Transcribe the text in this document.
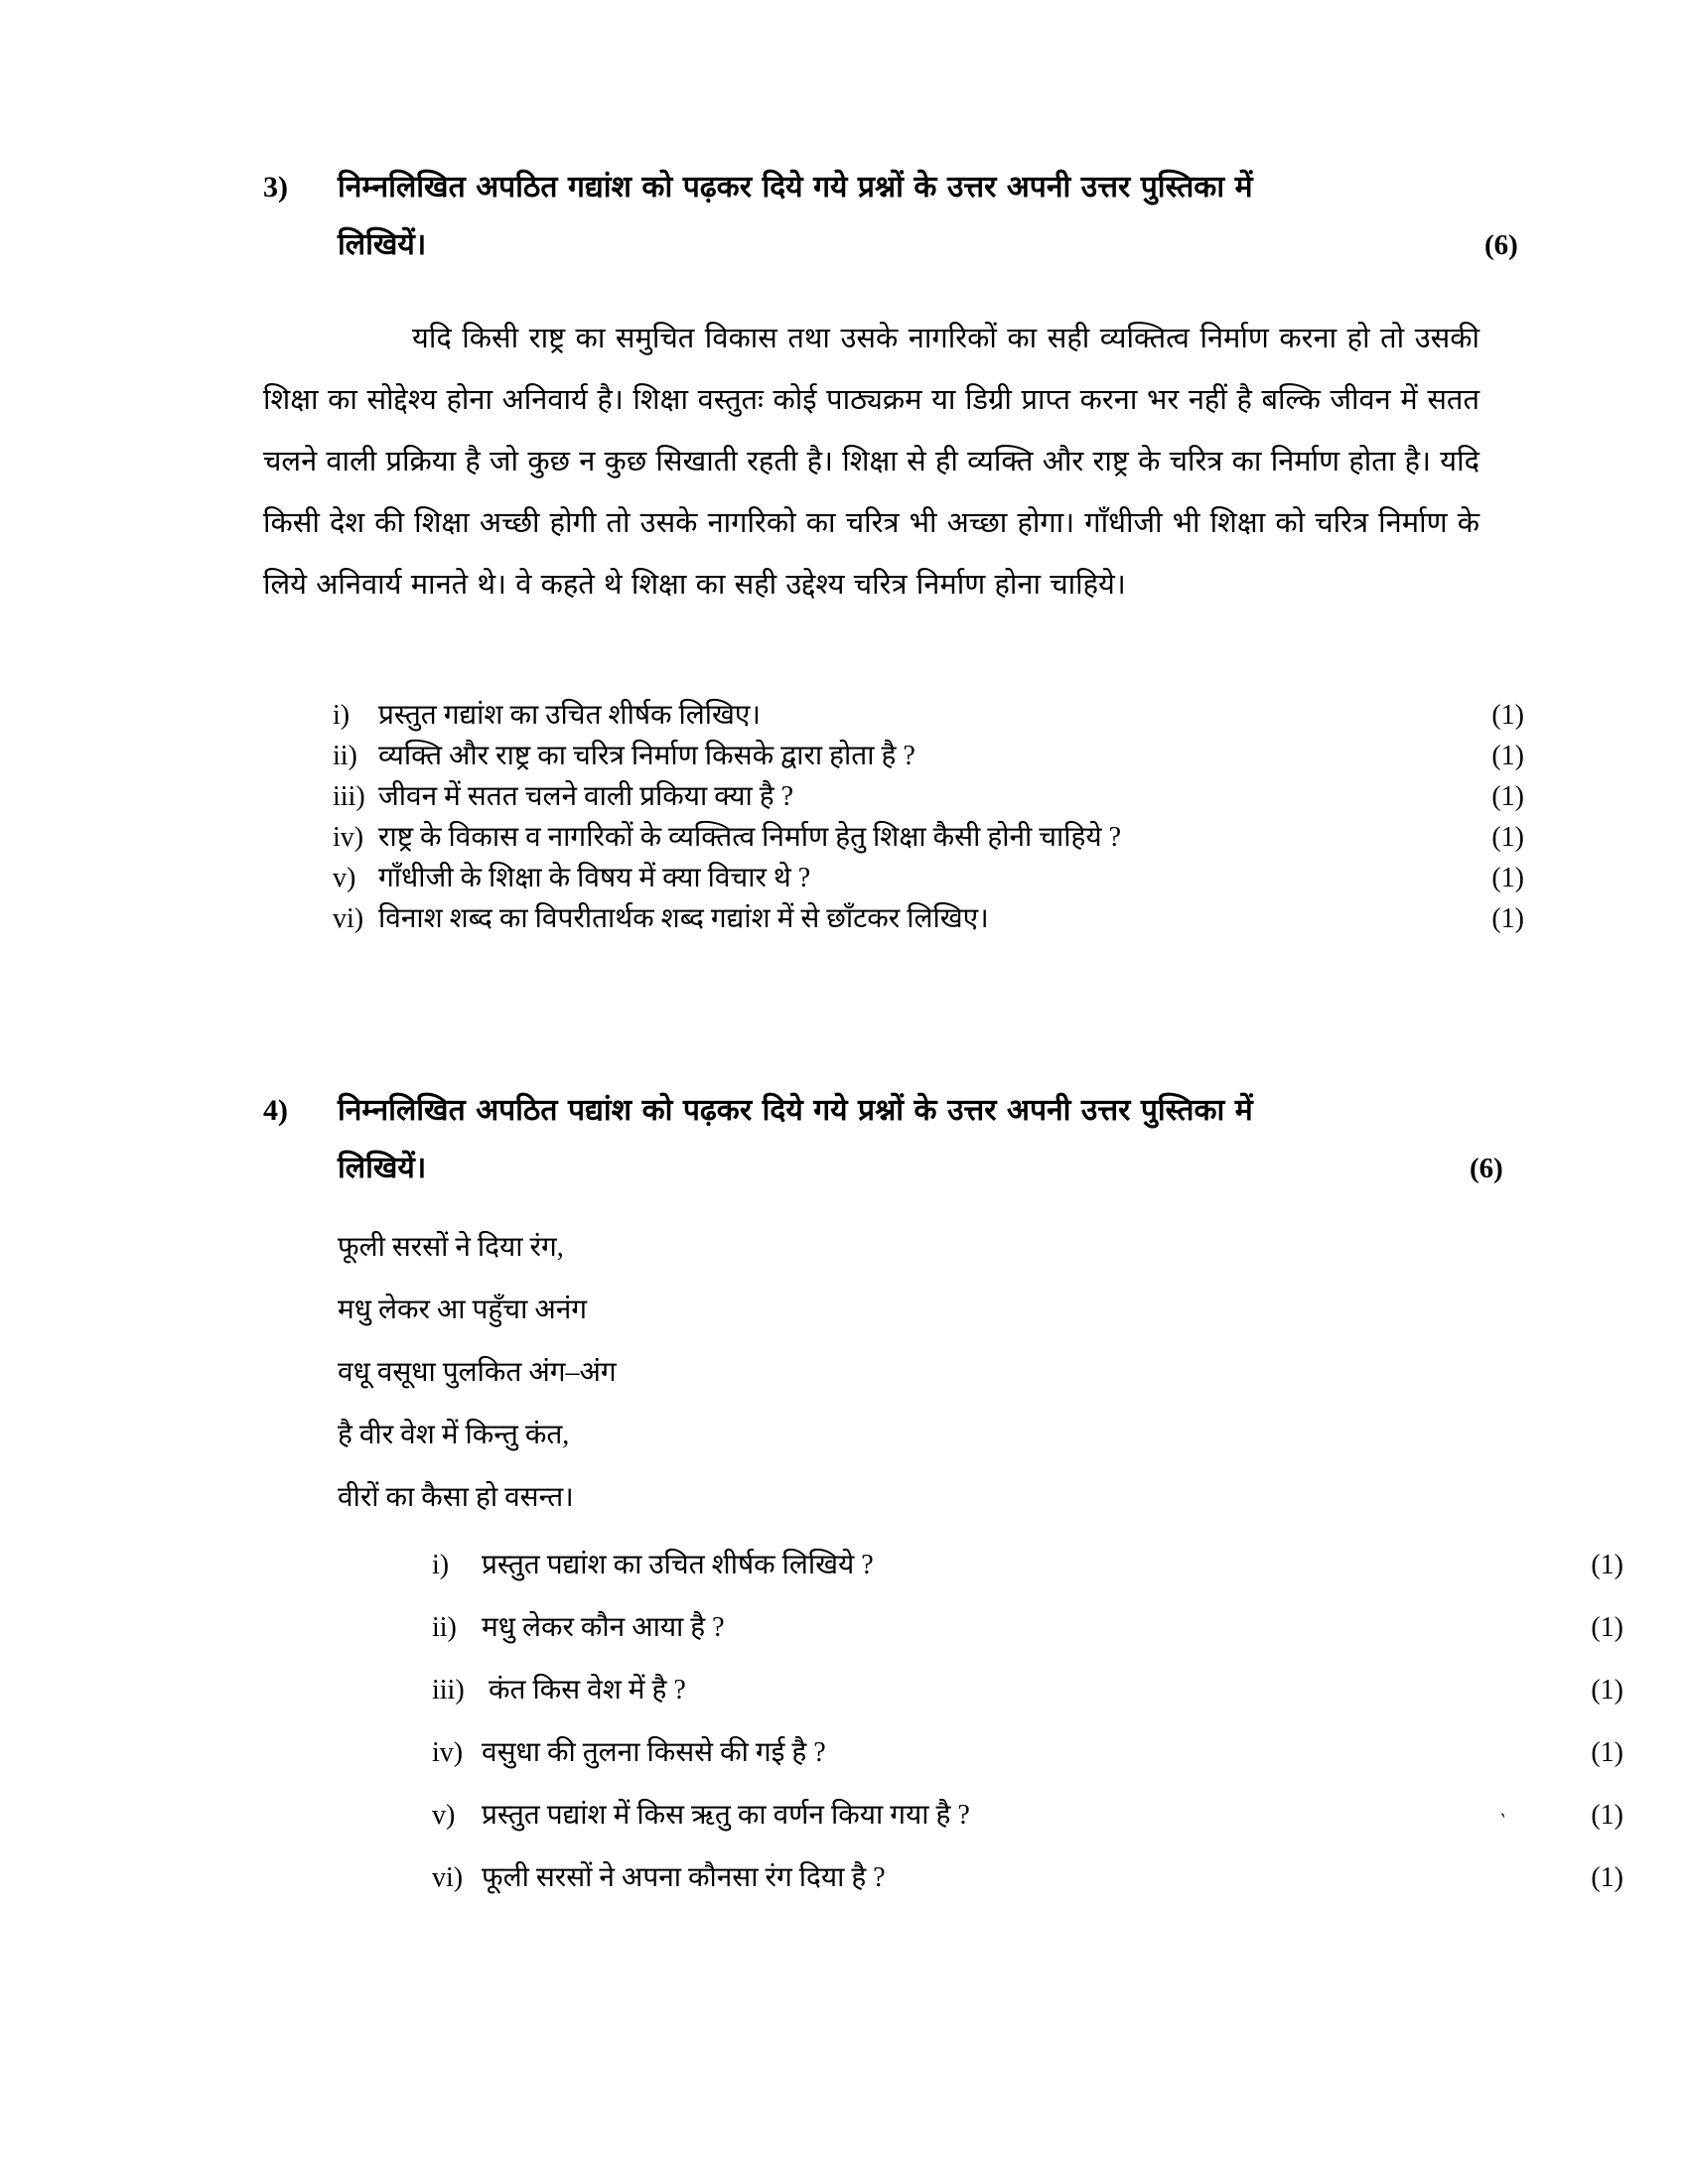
3) निम्नलिखित अपठित गद्यांश को पढ़कर दिये गये प्रश्नों के उत्तर अपनी उत्तर पुस्तिका में
लिखियें।	(6)
यदि किसी राष्ट्र का समुचित विकास तथा उसके नागरिकों का सही व्यक्तित्व निर्माण करना हो तो उसकी शिक्षा का सोद्देश्य होना अनिवार्य है। शिक्षा वस्तुतः कोई पाठ्यक्रम या डिग्री प्राप्त करना भर नहीं है बल्कि जीवन में सतत चलने वाली प्रक्रिया है जो कुछ न कुछ सिखाती रहती है। शिक्षा से ही व्यक्ति और राष्ट्र के चरित्र का निर्माण होता है। यदि किसी देश की शिक्षा अच्छी होगी तो उसके नागरिको का चरित्र भी अच्छा होगा। गाँधीजी भी शिक्षा को चरित्र निर्माण के लिये अनिवार्य मानते थे। वे कहते थे शिक्षा का सही उद्देश्य चरित्र निर्माण होना चाहिये।
i) प्रस्तुत गद्यांश का उचित शीर्षक लिखिए।	(1)
ii) व्यक्ति और राष्ट्र का चरित्र निर्माण किसके द्वारा होता है ?	(1)
iii) जीवन में सतत चलने वाली प्रकिया क्या है ?	(1)
iv) राष्ट्र के विकास व नागरिकों के व्यक्तित्व निर्माण हेतु शिक्षा कैसी होनी चाहिये ?	(1)
v) गाँधीजी के शिक्षा के विषय में क्या विचार थे ?	(1)
vi) विनाश शब्द का विपरीतार्थक शब्द गद्यांश में से छाँटकर लिखिए।	(1)
4) निम्नलिखित अपठित पद्यांश को पढ़कर दिये गये प्रश्नों के उत्तर अपनी उत्तर पुस्तिका में
लिखियें।	(6)
फूली सरसों ने दिया रंग,
मधु लेकर आ पहुँचा अनंग
वधू वसूधा पुलकित अंग–अंग
है वीर वेश में किन्तु कंत,
वीरों का कैसा हो वसन्त।
i) प्रस्तुत पद्यांश का उचित शीर्षक लिखिये ?	(1)
ii) मधु लेकर कौन आया है ?	(1)
iii) कंत किस वेश में है ?	(1)
iv) वसुधा की तुलना किससे की गई है ?	(1)
v) प्रस्तुत पद्यांश में किस ऋतु का वर्णन किया गया है ?	`	(1)
vi) फूली सरसों ने अपना कौनसा रंग दिया है ?	(1)
